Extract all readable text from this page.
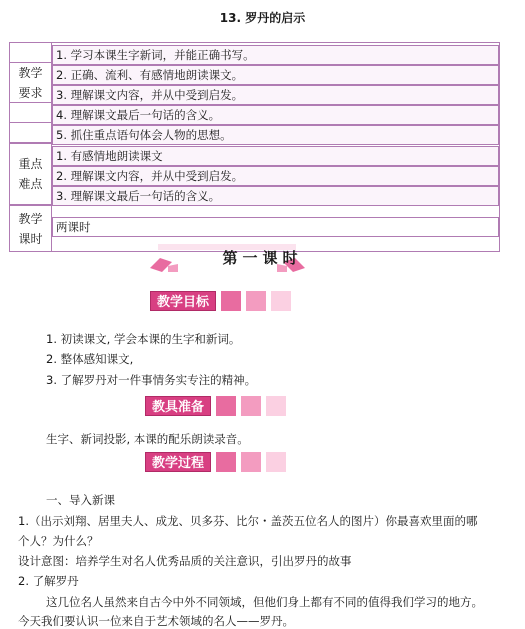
13. 罗丹的启示
教学
要求
重点
难点
教学
课时
1. 学习本课生字新词，并能正确书写。
2. 正确、流利、有感情地朗读课文。
3. 理解课文内容，并从中受到启发。
4. 理解课文最后一句话的含义。
5. 抓住重点语句体会人物的思想。
1. 有感情地朗读课文
2. 理解课文内容，并从中受到启发。
3. 理解课文最后一句话的含义。
两课时
第一课时
教学目标
1. 初读课文, 学会本课的生字和新词。
2. 整体感知课文,
3. 了解罗丹对一件事情务实专注的精神。
教具准备
生字、新词投影, 本课的配乐朗读录音。
教学过程
一、导入新课
1.（出示刘翔、居里夫人、成龙、贝多芬、比尔・盖茨五位名人的图片）你最喜欢里面的哪
个人？为什么？
设计意图：培养学生对名人优秀品质的关注意识，引出罗丹的故事
2. 了解罗丹
这几位名人虽然来自古今中外不同领域，但他们身上都有不同的值得我们学习的地方。
今天我们要认识一位来自于艺术领域的名人——罗丹。
